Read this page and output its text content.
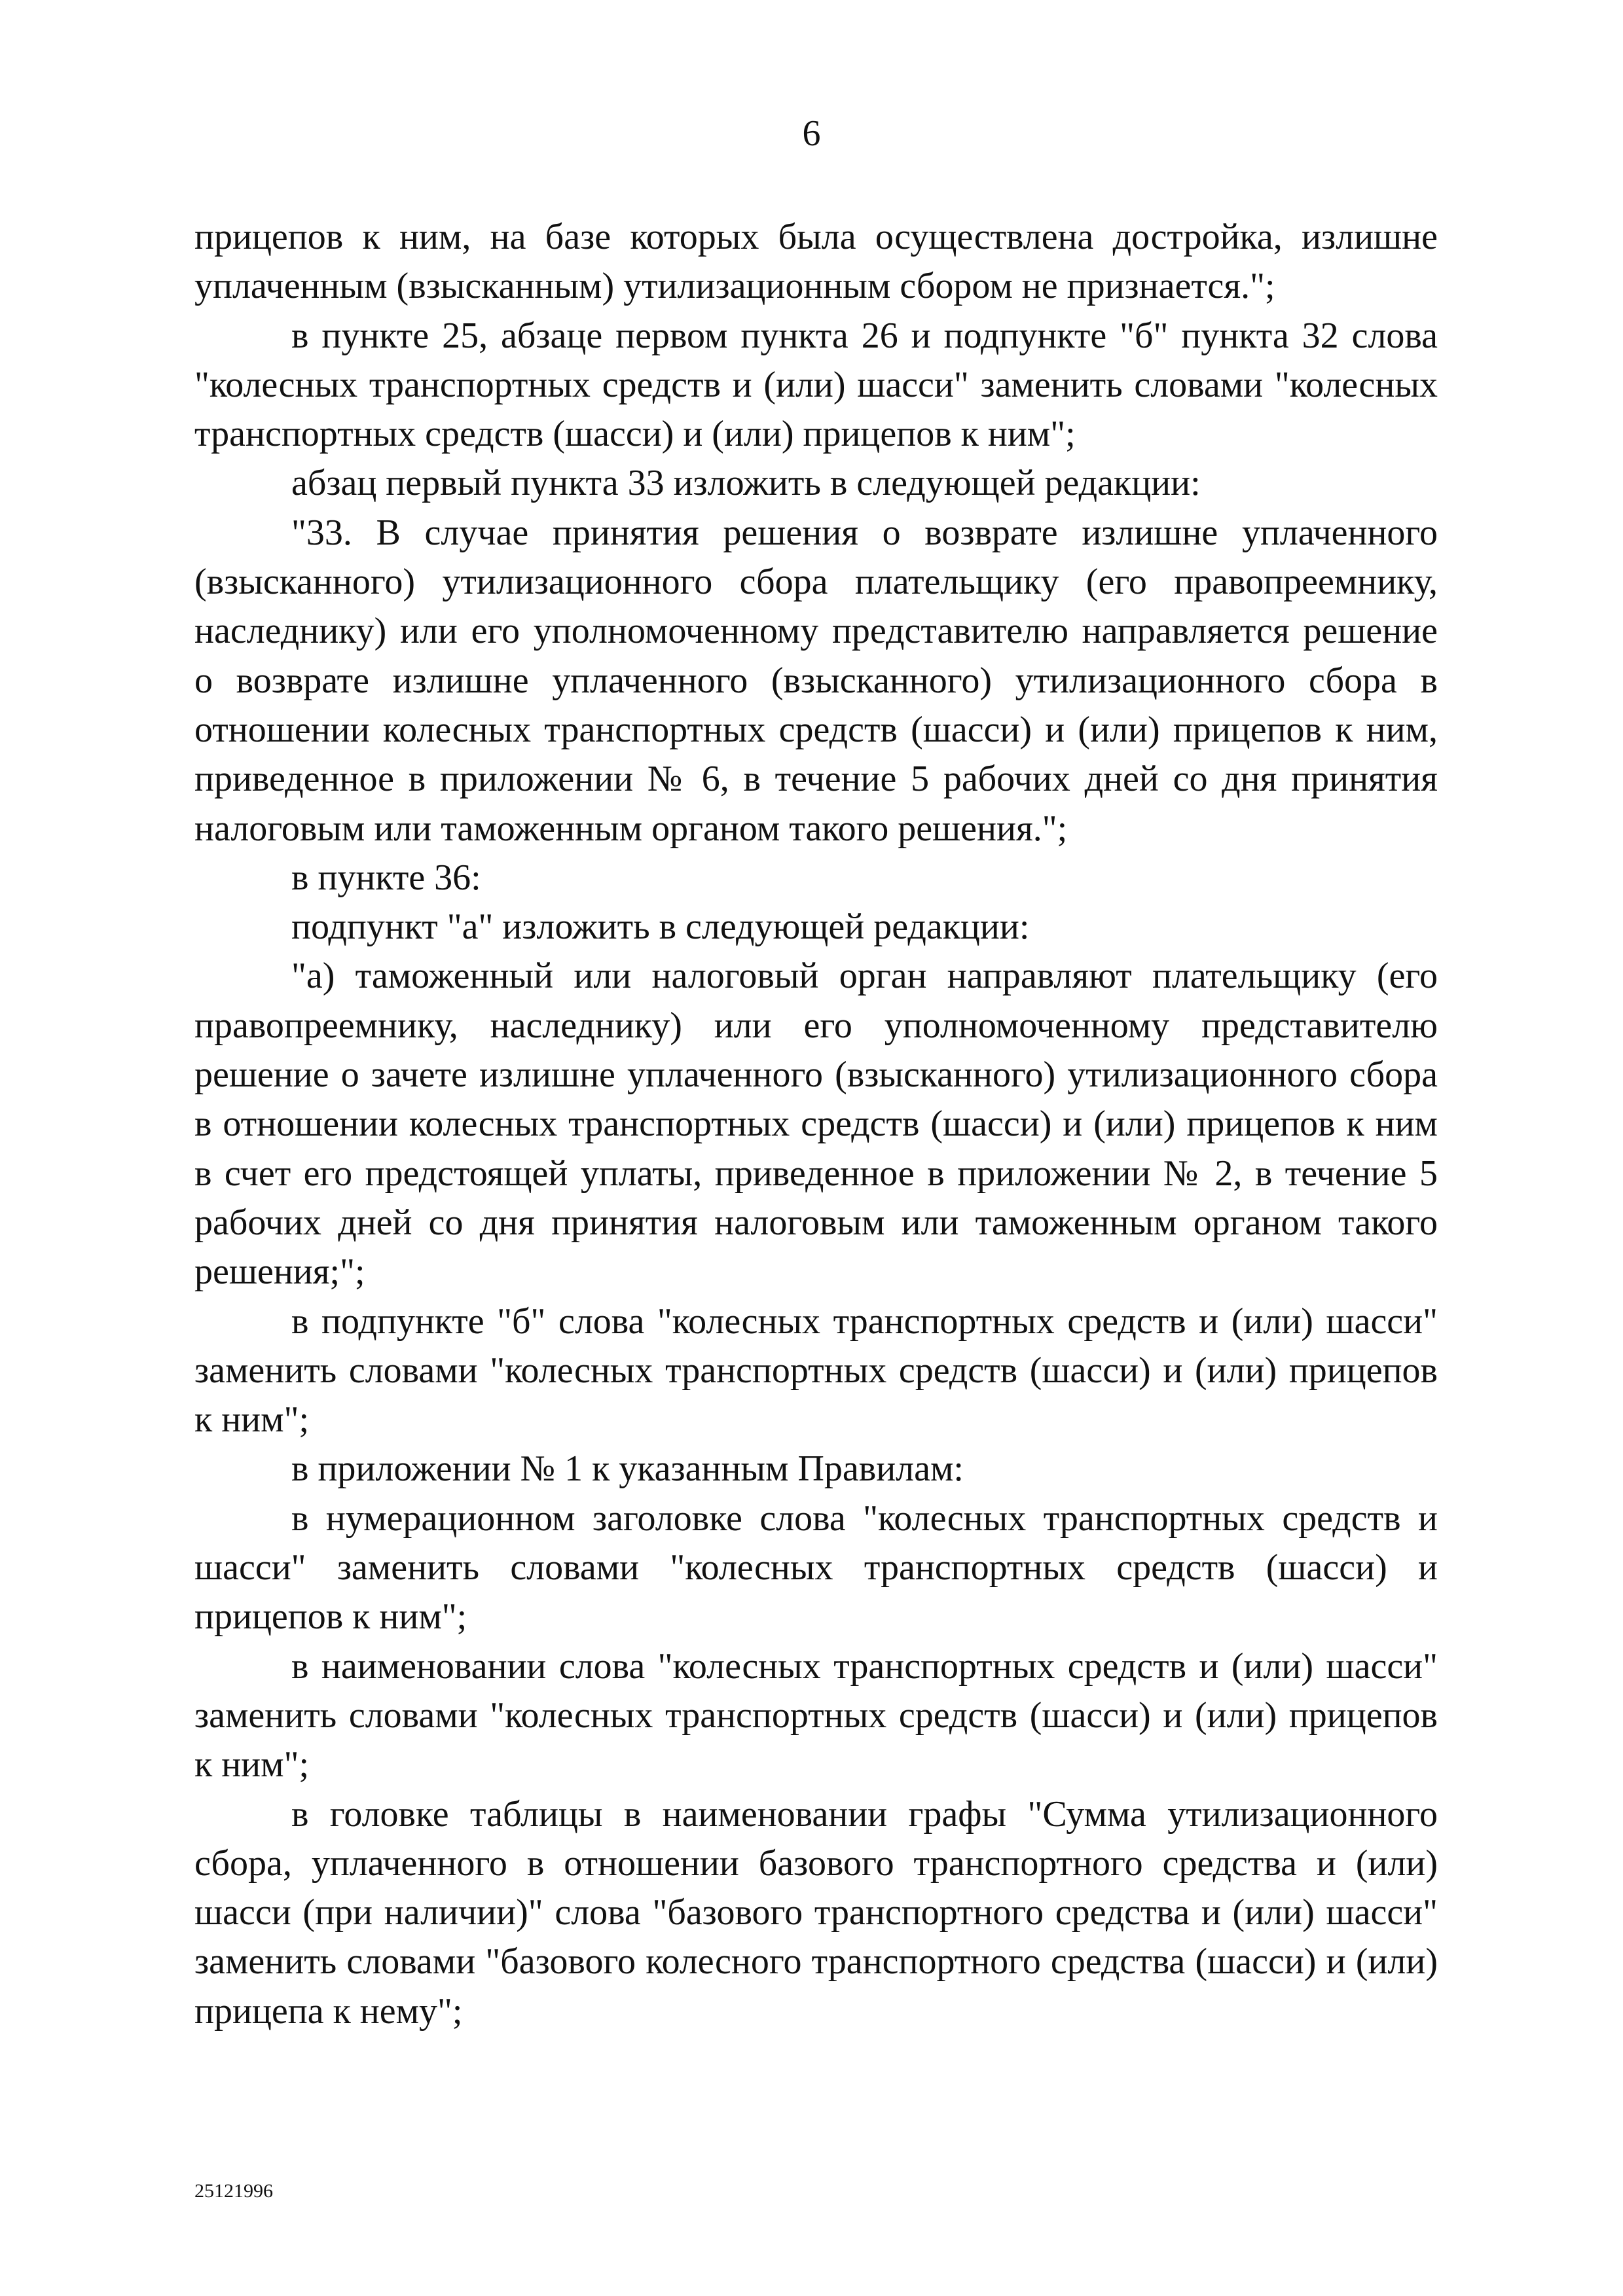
6

прицепов к ним, на базе которых была осуществлена достройка, излишне уплаченным (взысканным) утилизационным сбором не признается.";

в пункте 25, абзаце первом пункта 26 и подпункте "б" пункта 32 слова "колесных транспортных средств и (или) шасси" заменить словами "колесных транспортных средств (шасси) и (или) прицепов к ним";

абзац первый пункта 33 изложить в следующей редакции:

"33. В случае принятия решения о возврате излишне уплаченного (взысканного) утилизационного сбора плательщику (его правопреемнику, наследнику) или его уполномоченному представителю направляется решение о возврате излишне уплаченного (взысканного) утилизационного сбора в отношении колесных транспортных средств (шасси) и (или) прицепов к ним, приведенное в приложении № 6, в течение 5 рабочих дней со дня принятия налоговым или таможенным органом такого решения.";

в пункте 36:

подпункт "а" изложить в следующей редакции:

"а) таможенный или налоговый орган направляют плательщику (его правопреемнику, наследнику) или его уполномоченному представителю решение о зачете излишне уплаченного (взысканного) утилизационного сбора в отношении колесных транспортных средств (шасси) и (или) прицепов к ним в счет его предстоящей уплаты, приведенное в приложении № 2, в течение 5 рабочих дней со дня принятия налоговым или таможенным органом такого решения;";

в подпункте "б" слова "колесных транспортных средств и (или) шасси" заменить словами "колесных транспортных средств (шасси) и (или) прицепов к ним";

в приложении № 1 к указанным Правилам:

в нумерационном заголовке слова "колесных транспортных средств и шасси" заменить словами "колесных транспортных средств (шасси) и прицепов к ним";

в наименовании слова "колесных транспортных средств и (или) шасси" заменить словами "колесных транспортных средств (шасси) и (или) прицепов к ним";

в головке таблицы в наименовании графы "Сумма утилизационного сбора, уплаченного в отношении базового транспортного средства и (или) шасси (при наличии)" слова "базового транспортного средства и (или) шасси" заменить словами "базового колесного транспортного средства (шасси) и (или) прицепа к нему";

25121996
